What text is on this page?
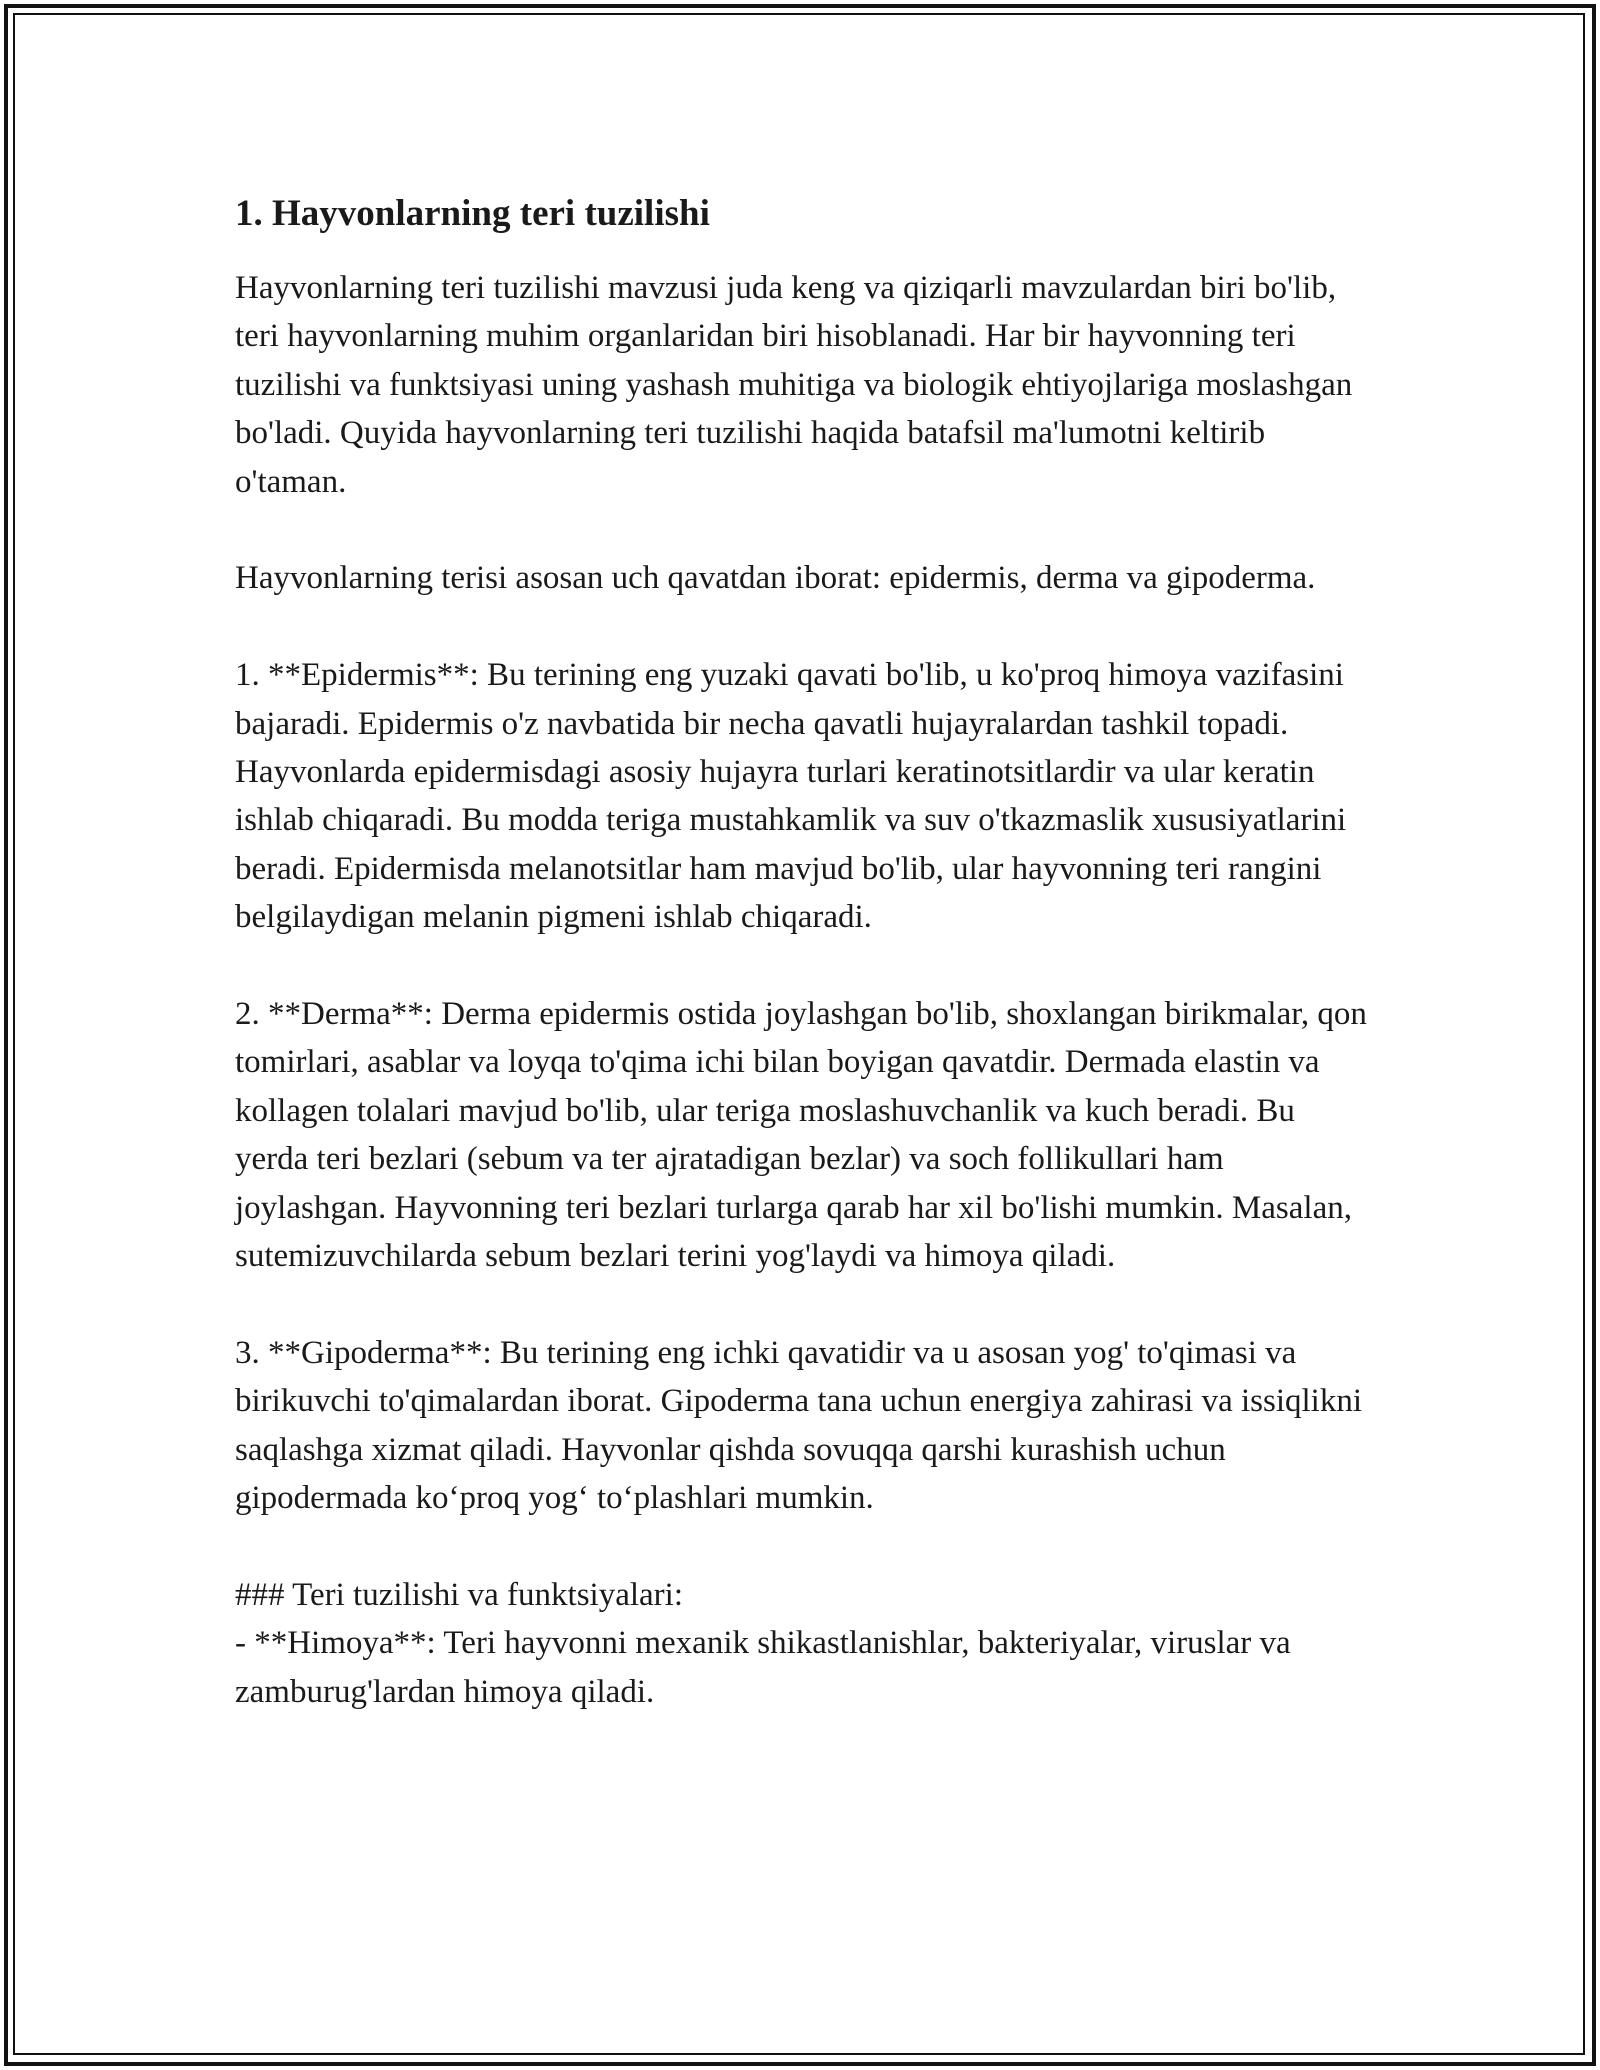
1. Hayvonlarning teri tuzilishi

Hayvonlarning teri tuzilishi mavzusi juda keng va qiziqarli mavzulardan biri bo'lib, teri hayvonlarning muhim organlaridan biri hisoblanadi. Har bir hayvonning teri tuzilishi va funktsiyasi uning yashash muhitiga va biologik ehtiyojlariga moslashgan bo'ladi. Quyida hayvonlarning teri tuzilishi haqida batafsil ma'lumotni keltirib o'taman.

Hayvonlarning terisi asosan uch qavatdan iborat: epidermis, derma va gipoderma.

1. **Epidermis**: Bu terining eng yuzaki qavati bo'lib, u ko'proq himoya vazifasini bajaradi. Epidermis o'z navbatida bir necha qavatli hujayralardan tashkil topadi. Hayvonlarda epidermisdagi asosiy hujayra turlari keratinotsitlardir va ular keratin ishlab chiqaradi. Bu modda teriga mustahkamlik va suv o'tkazmaslik xususiyatlarini beradi. Epidermisda melanotsitlar ham mavjud bo'lib, ular hayvonning teri rangini belgilaydigan melanin pigmeni ishlab chiqaradi.

2. **Derma**: Derma epidermis ostida joylashgan bo'lib, shoxlangan birikmalar, qon tomirlari, asablar va loyqa to'qima ichi bilan boyigan qavatdir. Dermada elastin va kollagen tolalari mavjud bo'lib, ular teriga moslashuvchanlik va kuch beradi. Bu yerda teri bezlari (sebum va ter ajratadigan bezlar) va soch follikullari ham joylashgan. Hayvonning teri bezlari turlarga qarab har xil bo'lishi mumkin. Masalan, sutemizuvchilarda sebum bezlari terini yog'laydi va himoya qiladi.

3. **Gipoderma**: Bu terining eng ichki qavatidir va u asosan yog' to'qimasi va birikuvchi to'qimalardan iborat. Gipoderma tana uchun energiya zahirasi va issiqlikni saqlashga xizmat qiladi. Hayvonlar qishda sovuqqa qarshi kurashish uchun gipodermada ko‘proq yog‘ to‘plashlari mumkin.

### Teri tuzilishi va funktsiyalari:

- **Himoya**: Teri hayvonni mexanik shikastlanishlar, bakteriyalar, viruslar va zamburug'lardan himoya qiladi.
